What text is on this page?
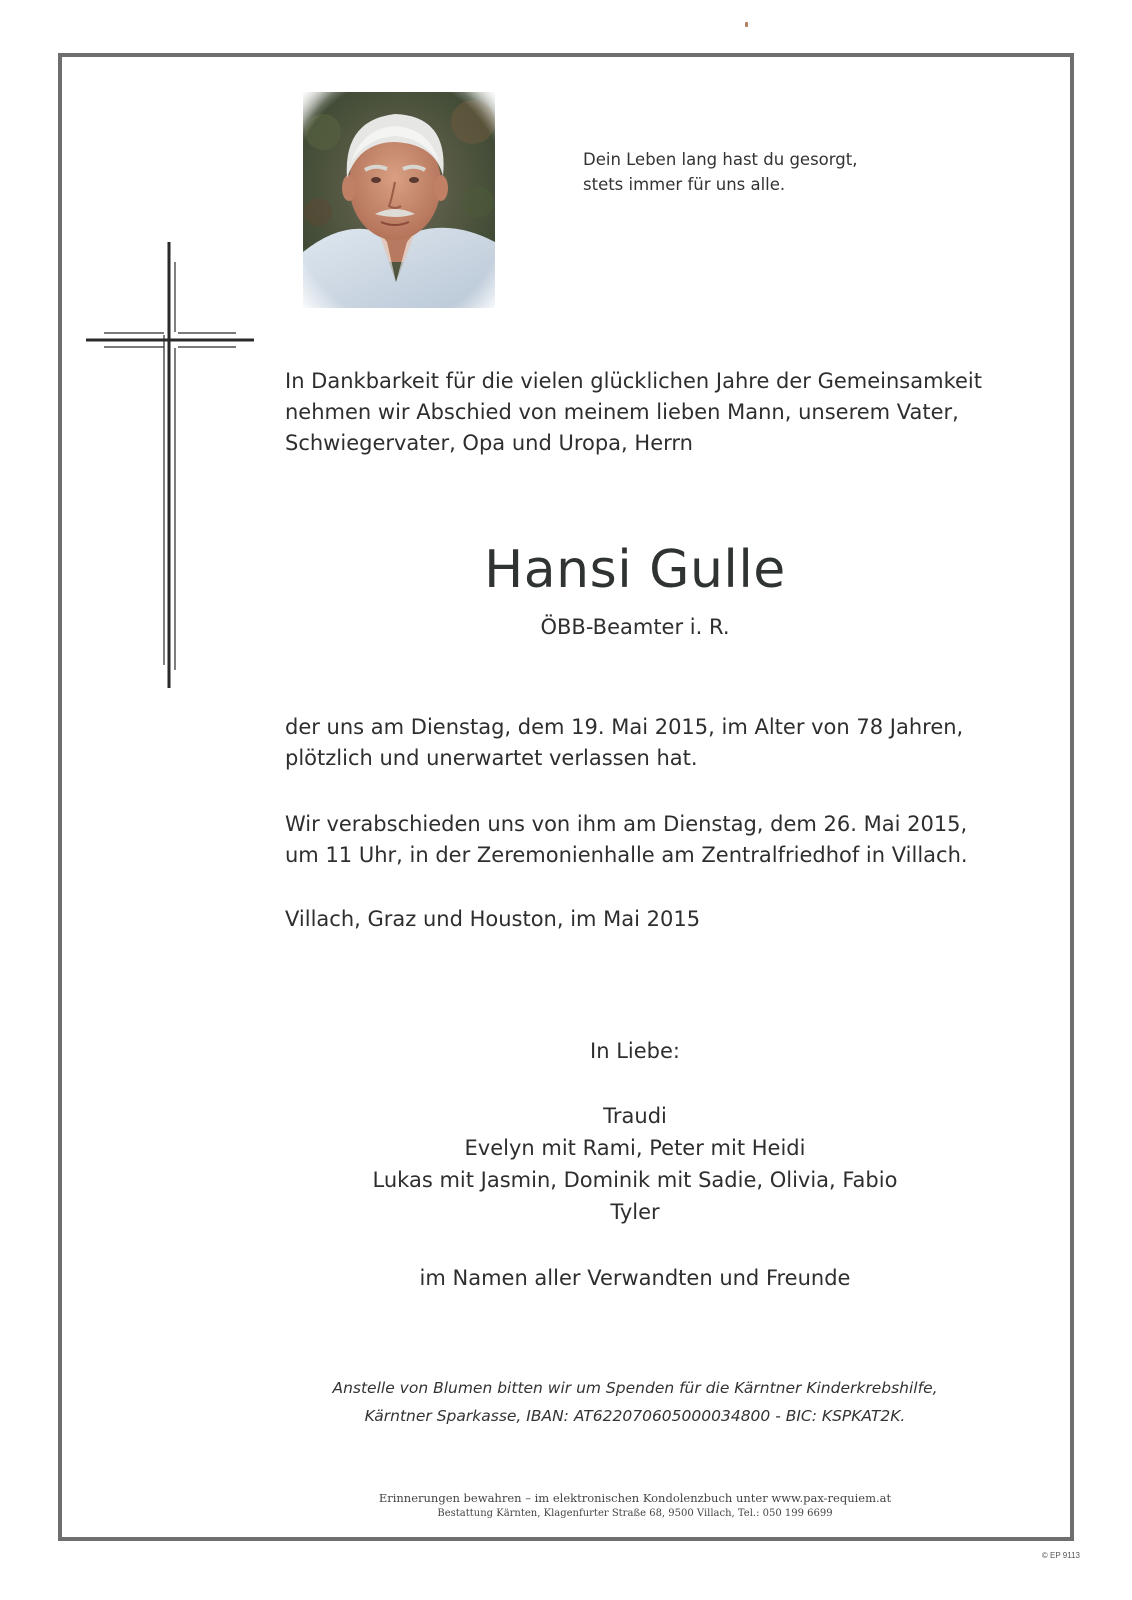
Dein Leben lang hast du gesorgt,
stets immer für uns alle.
In Dankbarkeit für die vielen glücklichen Jahre der Gemeinsamkeit
nehmen wir Abschied von meinem lieben Mann, unserem Vater,
Schwiegervater, Opa und Uropa, Herrn
Hansi Gulle
ÖBB-Beamter i. R.
der uns am Dienstag, dem 19. Mai 2015, im Alter von 78 Jahren,
plötzlich und unerwartet verlassen hat.
Wir verabschieden uns von ihm am Dienstag, dem 26. Mai 2015,
um 11 Uhr, in der Zeremonienhalle am Zentralfriedhof in Villach.
Villach, Graz und Houston, im Mai 2015
In Liebe:
Traudi
Evelyn mit Rami, Peter mit Heidi
Lukas mit Jasmin, Dominik mit Sadie, Olivia, Fabio
Tyler
im Namen aller Verwandten und Freunde
Anstelle von Blumen bitten wir um Spenden für die Kärntner Kinderkrebshilfe,
Kärntner Sparkasse, IBAN: AT622070605000034800 - BIC: KSPKAT2K.
Erinnerungen bewahren – im elektronischen Kondolenzbuch unter www.pax-requiem.at
Bestattung Kärnten, Klagenfurter Straße 68, 9500 Villach, Tel.: 050 199 6699
© EP 9113
